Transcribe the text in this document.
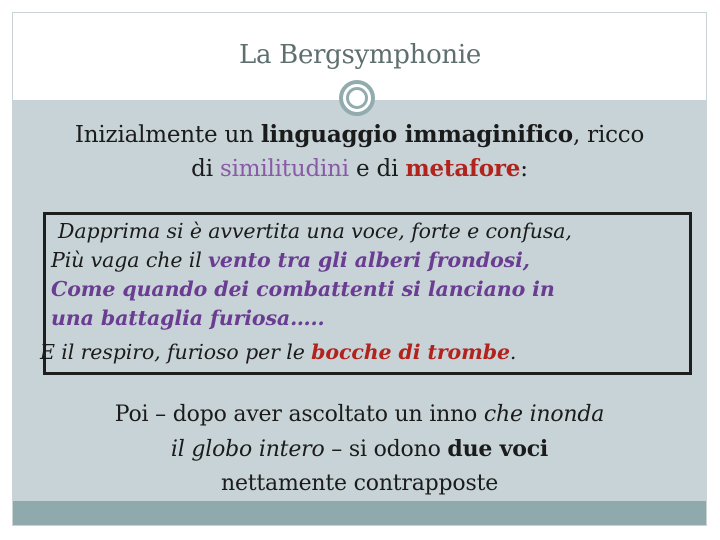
La Bergsymphonie
Inizialmente un linguaggio immaginifico, ricco
di similitudini e di metafore:
Dapprima si è avvertita una voce, forte e confusa,
Più vaga che il vento tra gli alberi frondosi,
Come quando dei combattenti si lanciano in
una battaglia furiosa…..
E il respiro, furioso per le bocche di trombe.
Poi – dopo aver ascoltato un inno che inonda
il globo intero – si odono due voci
nettamente contrapposte
